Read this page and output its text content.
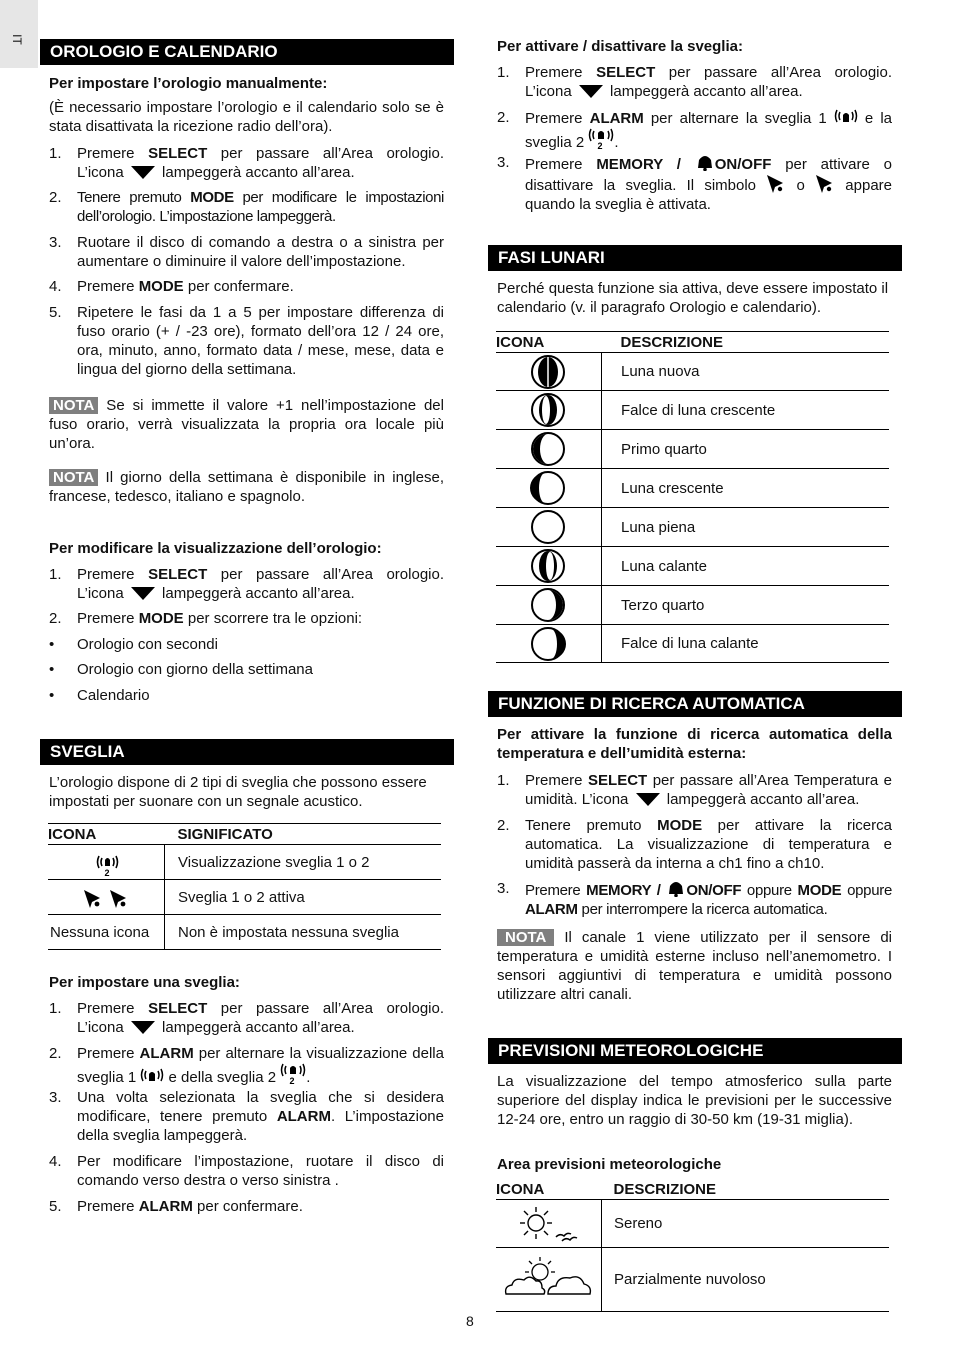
IT
OROLOGIO E CALENDARIO
Per impostare l’orologio manualmente:
(È necessario impostare l’orologio e il calendario solo se è stata disattivata la ricezione radio dell’ora).
1. Premere SELECT per passare all’Area orologio. L’icona  lampeggerà accanto all’area.
2. Tenere premuto MODE per modificare le impostazioni dell’orologio. L’impostazione lampeggerà.
3. Ruotare il disco di comando a destra o a sinistra per aumentare o diminuire il valore dell’impostazione.
4. Premere MODE per confermare.
5. Ripetere le fasi da 1 a 5 per impostare differenza di fuso orario (+ / -23 ore), formato dell’ora 12 / 24 ore, ora, minuto, anno, formato data / mese, mese, data e lingua del giorno della settimana.
NOTA Se si immette il valore +1 nell’impostazione del fuso orario, verrà visualizzata la propria ora locale più un’ora.
NOTA Il giorno della settimana è disponibile in inglese, francese, tedesco, italiano e spagnolo.
Per modificare la visualizzazione dell’orologio:
1. Premere SELECT per passare all’Area orologio. L’icona  lampeggerà accanto all’area.
2. Premere MODE per scorrere tra le opzioni:
• Orologio con secondi
• Orologio con giorno della settimana
• Calendario
SVEGLIA
L’orologio dispone di 2 tipi di sveglia che possono essere impostati per suonare con un segnale acustico.
ICONA	SIGNIFICATO

2	Visualizzazione sveglia 1 o 2

	Sveglia 1 o 2 attiva
Nessuna icona	Non è impostata nessuna sveglia
Per impostare una sveglia:
1. Premere SELECT per passare all’Area orologio. L’icona  lampeggerà accanto all’area.
2. Premere ALARM per alternare la visualizzazione della sveglia 1  e della sveglia 2 2 .
3. Una volta selezionata la sveglia che si desidera modificare, tenere premuto ALARM. L’impostazione della sveglia lampeggerà.
4. Per modificare l’impostazione, ruotare il disco di comando verso destra o verso sinistra .
5. Premere ALARM per confermare.
Per attivare / disattivare la sveglia:
1. Premere SELECT per passare all’Area orologio. L’icona  lampeggerà accanto all’area.
2. Premere ALARM per alternare la sveglia 1  e la sveglia 2 2 .
3. Premere MEMORY / ON/OFF per attivare o disattivare la sveglia. Il simbolo  o  appare quando la sveglia è attivata.
FASI LUNARI
Perché questa funzione sia attiva, deve essere impostato il calendario (v. il paragrafo Orologio e calendario).
ICONA	DESCRIZIONE

	Luna nuova

	Falce di luna crescente

	Primo quarto

	Luna crescente

	Luna piena

	Luna calante

	Terzo quarto

	Falce di luna calante
FUNZIONE DI RICERCA AUTOMATICA
Per attivare la funzione di ricerca automatica della temperatura e dell’umidità esterna:
1. Premere SELECT per passare all’Area Temperatura e umidità. L’icona  lampeggerà accanto all’area.
2. Tenere premuto MODE per attivare la ricerca automatica. La visualizzazione di temperatura e umidità passerà da interna a ch1 fino a ch10.
3. Premere MEMORY / ON/OFF oppure MODE oppure ALARM per interrompere la ricerca automatica.
NOTA Il canale 1 viene utilizzato per il sensore di temperatura e umidità esterne incluso nell’anemometro. I sensori aggiuntivi di temperatura e umidità possono utilizzare altri canali.
PREVISIONI METEOROLOGICHE
La visualizzazione del tempo atmosferico sulla parte superiore del display indica le previsioni per le successive 12-24 ore, entro un raggio di 30-50 km (19-31 miglia).
Area previsioni meteorologiche
ICONA	DESCRIZIONE

	Sereno

	Parzialmente nuvoloso
8
